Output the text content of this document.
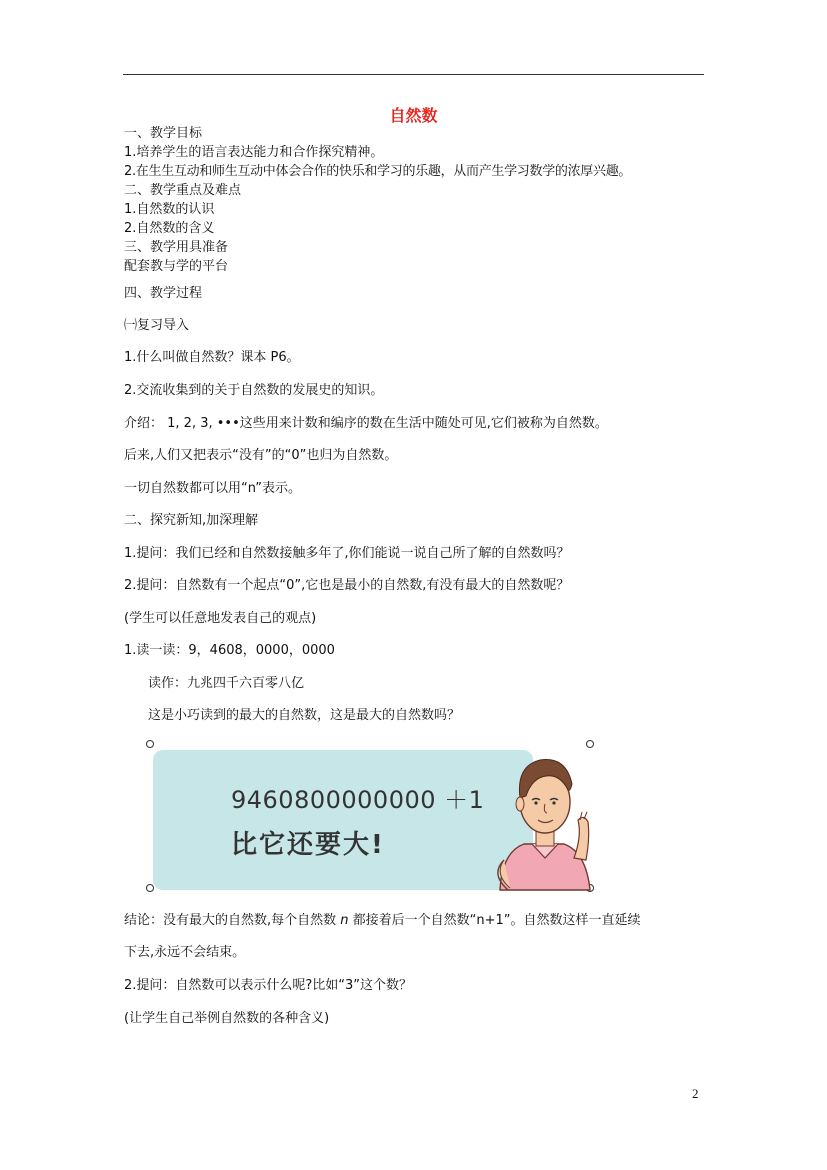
自然数
一、教学目标
1.培养学生的语言表达能力和合作探究精神。
2.在生生互动和师生互动中体会合作的快乐和学习的乐趣，从而产生学习数学的浓厚兴趣。
二、教学重点及难点
1.自然数的认识
2.自然数的含义
三、教学用具准备
配套教与学的平台
四、教学过程
㈠复习导入
1.什么叫做自然数？课本 P6。
2.交流收集到的关于自然数的发展史的知识。
介绍： 1, 2, 3, •••这些用来计数和编序的数在生活中随处可见,它们被称为自然数。
后来,人们又把表示“没有”的“0”也归为自然数。
一切自然数都可以用“n”表示。
二、探究新知,加深理解
1.提问：我们已经和自然数接触多年了,你们能说一说自己所了解的自然数吗？
2.提问：自然数有一个起点“0”,它也是最小的自然数,有没有最大的自然数呢？
(学生可以任意地发表自己的观点)
1.读一读：9，4608，0000，0000
读作：九兆四千六百零八亿
这是小巧读到的最大的自然数，这是最大的自然数吗？
9460800000000 ＋1
比它还要大!
结论：没有最大的自然数,每个自然数 n 都接着后一个自然数“n+1”。自然数这样一直延续
下去,永远不会结束。
2.提问：自然数可以表示什么呢?比如“3”这个数？
(让学生自己举例自然数的各种含义)
2
